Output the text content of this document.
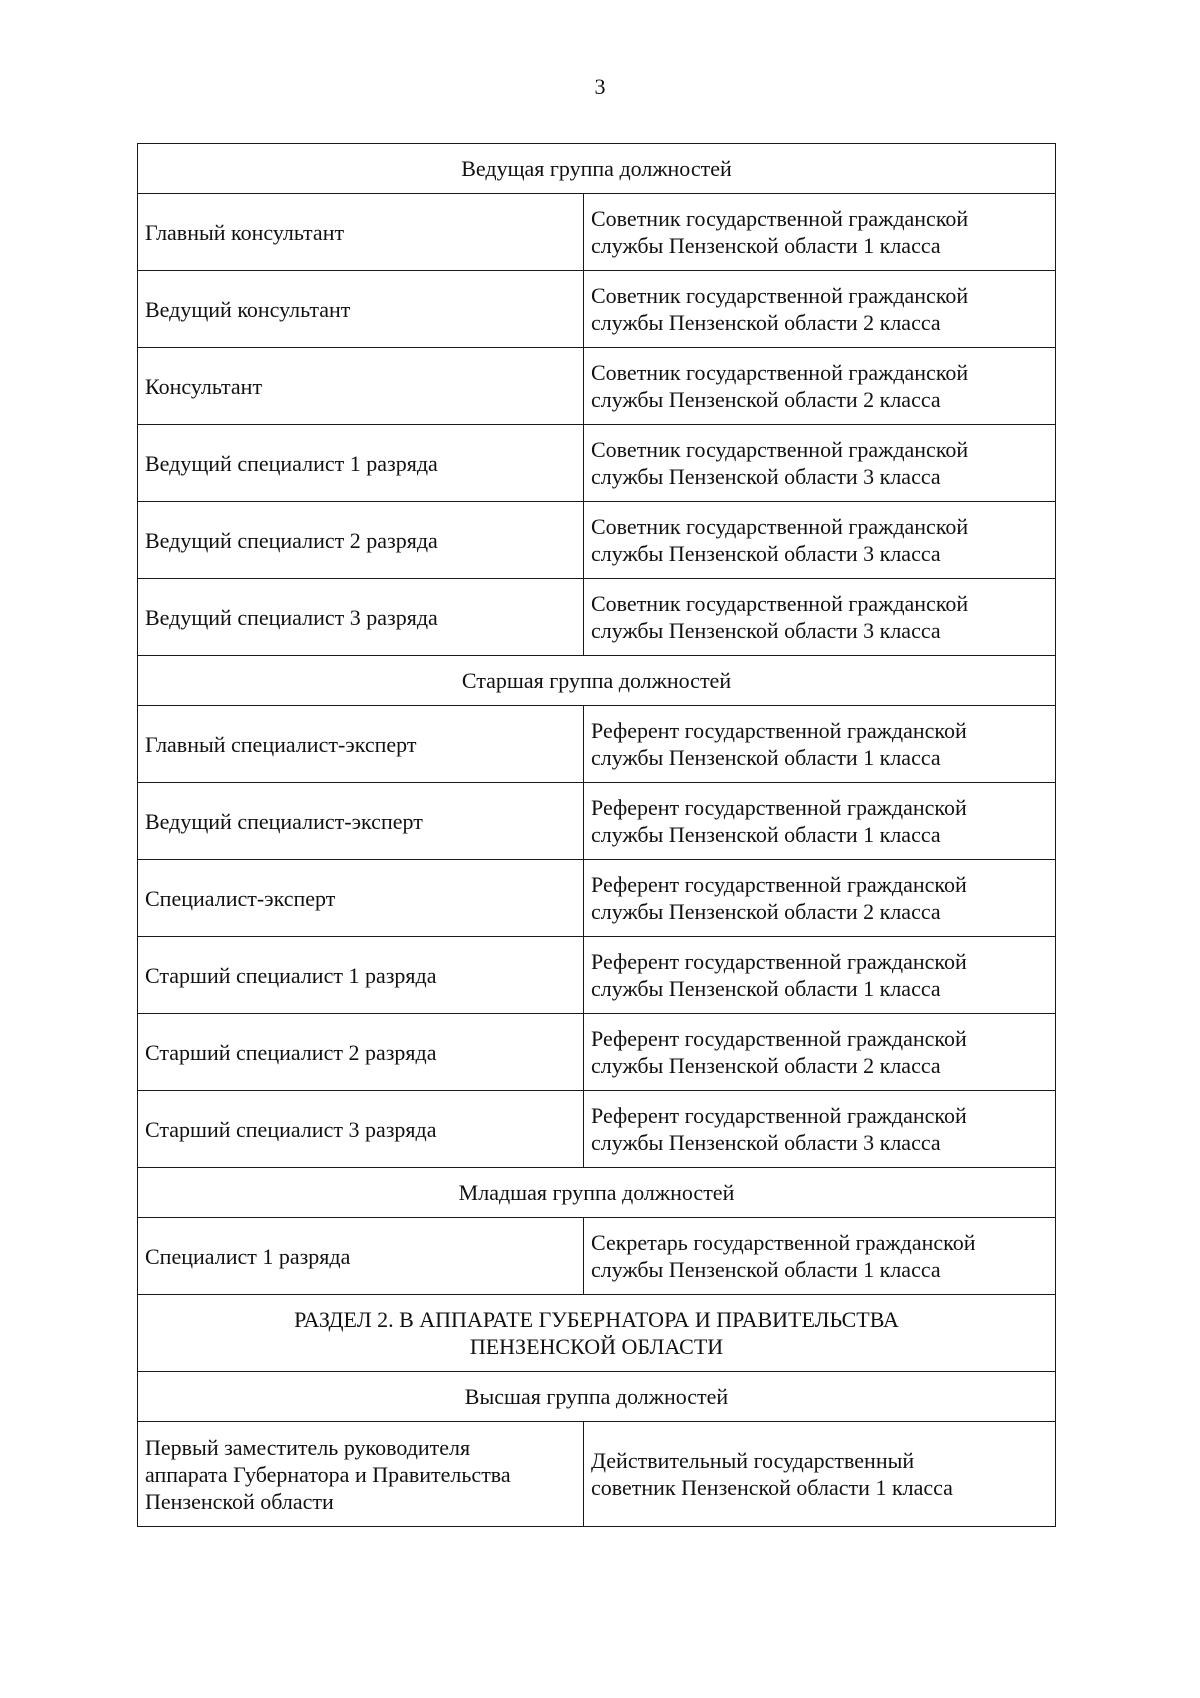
3
Ведущая группа должностей	

Главный консультант	Советник государственной гражданской
службы Пензенской области 1 класса

Ведущий консультант	Советник государственной гражданской
службы Пензенской области 2 класса

Консультант	Советник государственной гражданской
службы Пензенской области 2 класса

Ведущий специалист 1 разряда	Советник государственной гражданской
службы Пензенской области 3 класса

Ведущий специалист 2 разряда	Советник государственной гражданской
службы Пензенской области 3 класса

Ведущий специалист 3 разряда	Советник государственной гражданской
службы Пензенской области 3 класса

Старшая группа должностей	

Главный специалист-эксперт	Референт государственной гражданской
службы Пензенской области 1 класса

Ведущий специалист-эксперт	Референт государственной гражданской
службы Пензенской области 1 класса

Специалист-эксперт	Референт государственной гражданской
службы Пензенской области 2 класса

Старший специалист 1 разряда	Референт государственной гражданской
службы Пензенской области 1 класса

Старший специалист 2 разряда	Референт государственной гражданской
службы Пензенской области 2 класса

Старший специалист 3 разряда	Референт государственной гражданской
службы Пензенской области 3 класса

Младшая группа должностей	

Специалист 1 разряда	Секретарь государственной гражданской
службы Пензенской области 1 класса

РАЗДЕЛ 2. В АППАРАТЕ ГУБЕРНАТОРА И ПРАВИТЕЛЬСТВА
ПЕНЗЕНСКОЙ ОБЛАСТИ	

Высшая группа должностей	

Первый заместитель руководителя
аппарата Губернатора и Правительства
Пензенской области	Действительный государственный
советник Пензенской области 1 класса
